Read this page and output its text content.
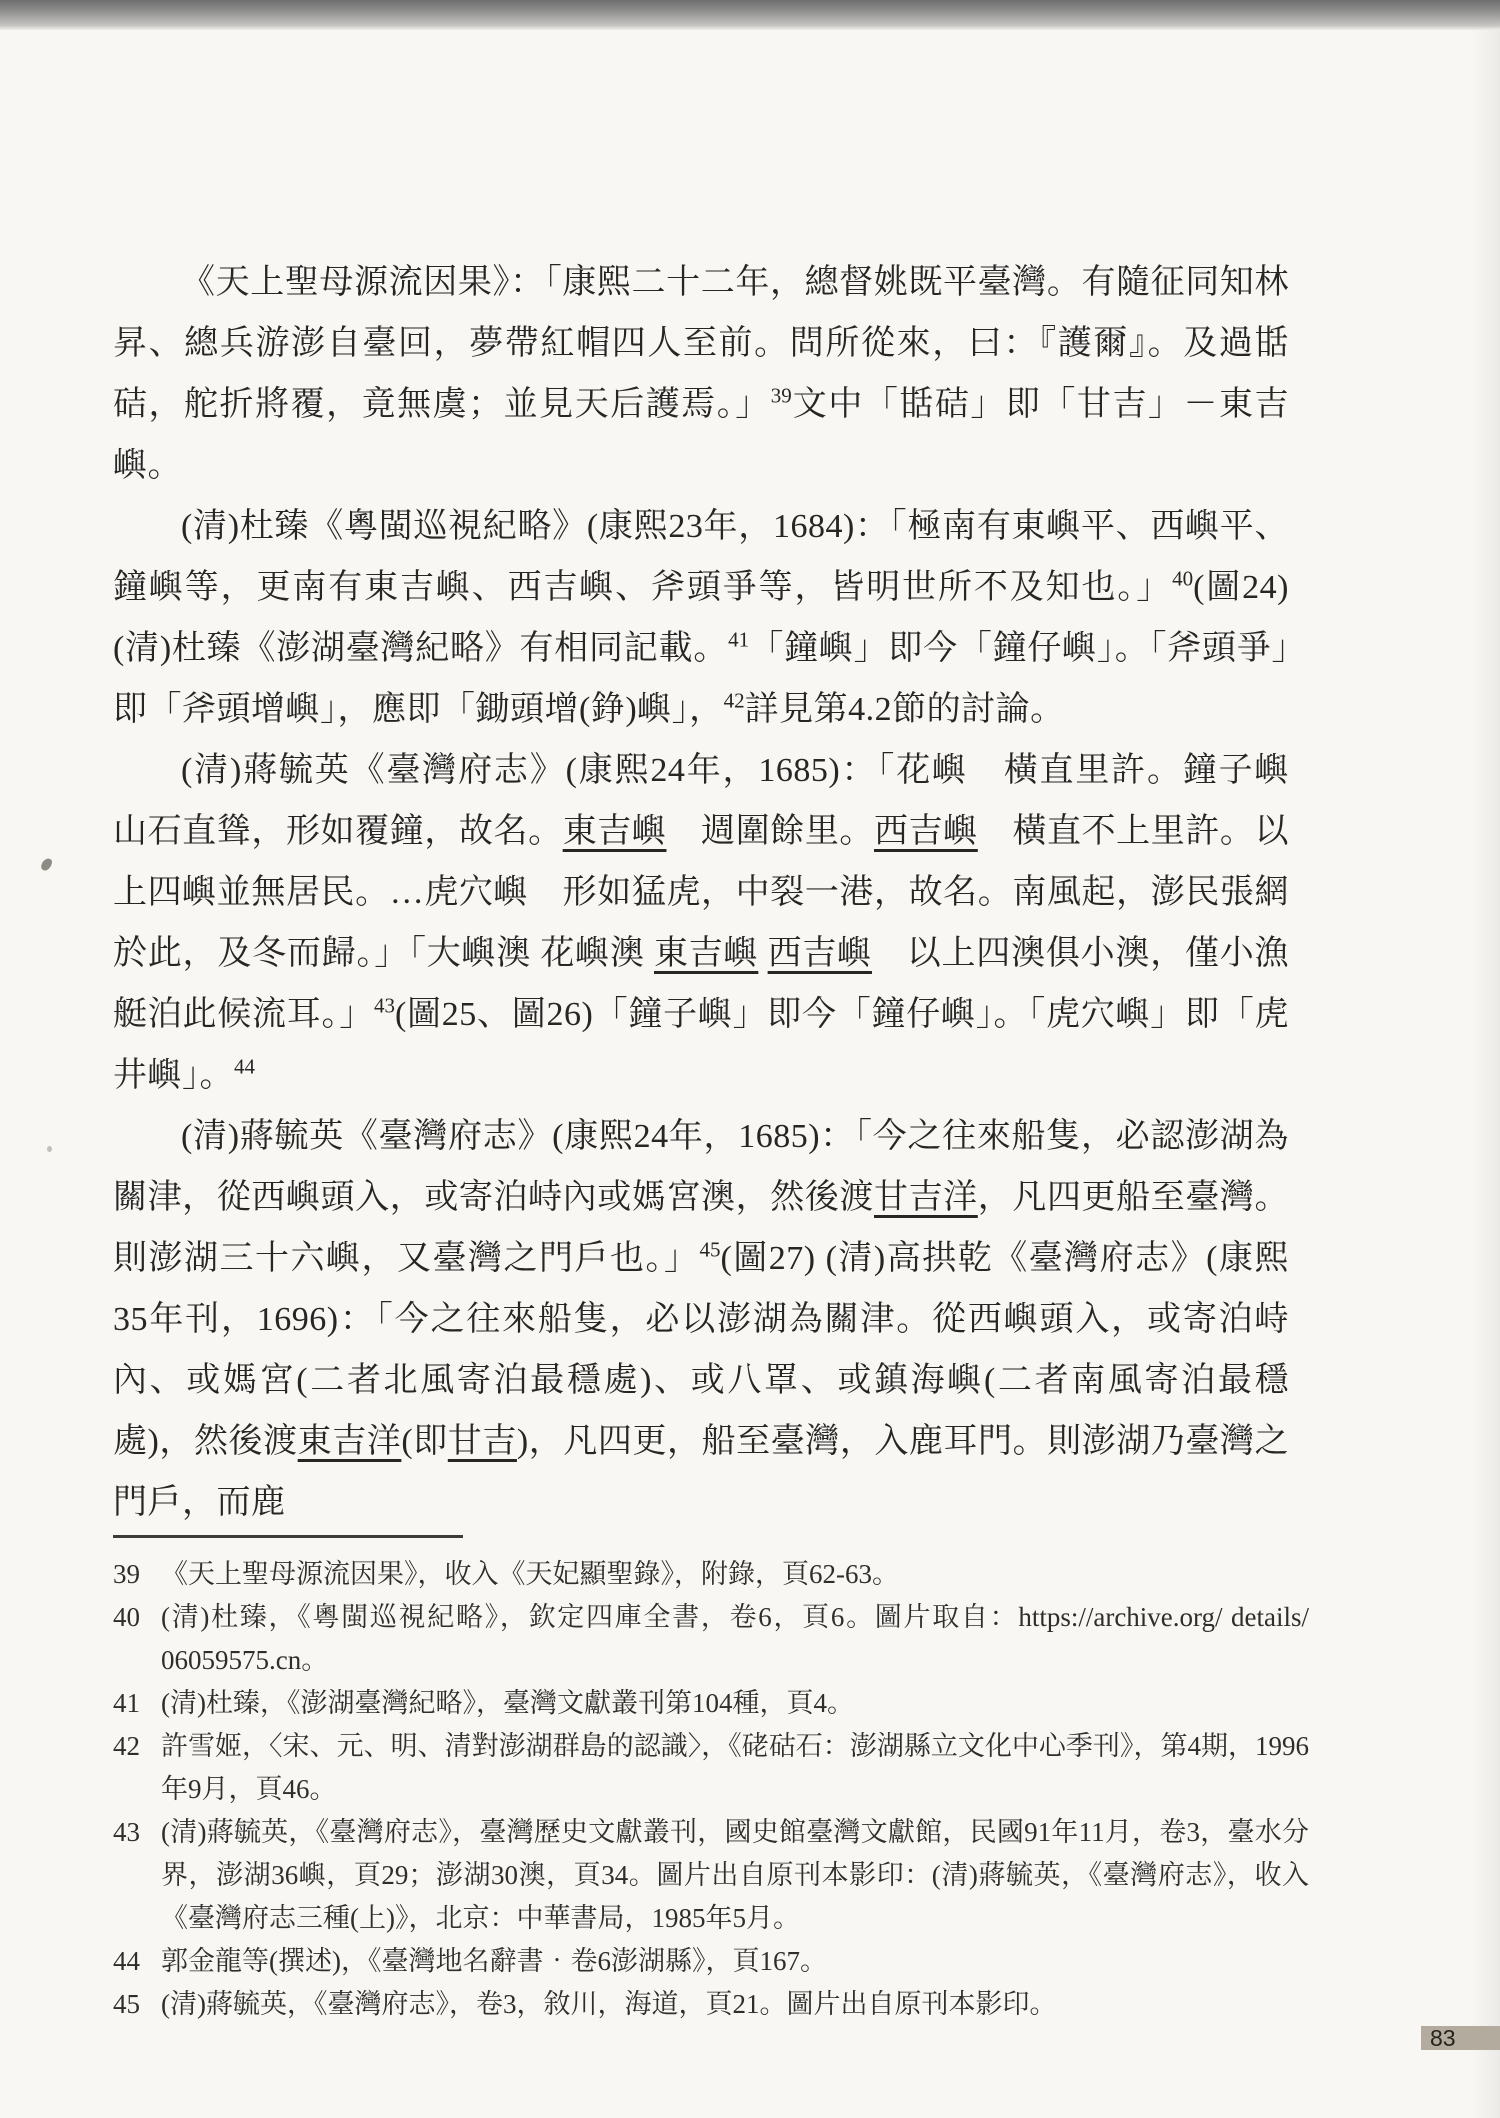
《天上聖母源流因果》：「康熙二十二年，總督姚既平臺灣。有隨征同知林昇、總兵游澎自臺回，夢帶紅帽四人至前。問所從來，曰：『護爾』。及過甛硈，舵折將覆，竟無虞；並見天后護焉。」$^{39}$文中「甛硈」即「甘吉」－東吉嶼。

(清)杜臻《粵閩巡視紀略》(康熙23年，1684)：「極南有東嶼平、西嶼平、鐘嶼等，更南有東吉嶼、西吉嶼、斧頭爭等，皆明世所不及知也。」$^{40}$(圖24) (清)杜臻《澎湖臺灣紀略》有相同記載。$^{41}$「鐘嶼」即今「鐘仔嶼」。「斧頭爭」即「斧頭增嶼」，應即「鋤頭增(錚)嶼」，$^{42}$詳見第4.2節的討論。

(清)蔣毓英《臺灣府志》(康熙24年，1685)：「花嶼　橫直里許。鐘子嶼　山石直聳，形如覆鐘，故名。東吉嶼　週圍餘里。西吉嶼　橫直不上里許。以上四嶼並無居民。…虎穴嶼　形如猛虎，中裂一港，故名。南風起，澎民張網於此，及冬而歸。」「大嶼澳 花嶼澳 東吉嶼 西吉嶼　以上四澳俱小澳，僅小漁艇泊此候流耳。」$^{43}$(圖25、圖26)「鐘子嶼」即今「鐘仔嶼」。「虎穴嶼」即「虎井嶼」。$^{44}$

(清)蔣毓英《臺灣府志》(康熙24年，1685)：「今之往來船隻，必認澎湖為關津，從西嶼頭入，或寄泊峙內或媽宮澳，然後渡甘吉洋，凡四更船至臺灣。則澎湖三十六嶼，又臺灣之門戶也。」$^{45}$(圖27) (清)高拱乾《臺灣府志》(康熙35年刊，1696)：「今之往來船隻，必以澎湖為關津。從西嶼頭入，或寄泊峙內、或媽宮(二者北風寄泊最穩處)、或八罩、或鎮海嶼(二者南風寄泊最穩處)，然後渡東吉洋(即甘吉)，凡四更，船至臺灣，入鹿耳門。則澎湖乃臺灣之門戶，而鹿

39 《天上聖母源流因果》，收入《天妃顯聖錄》，附錄，頁62-63。

40 (清)杜臻，《粵閩巡視紀略》，欽定四庫全書，卷6，頁6。圖片取自：https://archive.org/ details/ 06059575.cn。

41 (清)杜臻，《澎湖臺灣紀略》，臺灣文獻叢刊第104種，頁4。

42 許雪姬，〈宋、元、明、清對澎湖群島的認識〉，《硓𥑮石：澎湖縣立文化中心季刊》，第4期，1996年9月，頁46。

43 (清)蔣毓英，《臺灣府志》，臺灣歷史文獻叢刊，國史館臺灣文獻館，民國91年11月，卷3，臺水分界，澎湖36嶼，頁29；澎湖30澳，頁34。圖片出自原刊本影印：(清)蔣毓英，《臺灣府志》，收入《臺灣府志三種(上)》，北京：中華書局，1985年5月。

44 郭金龍等(撰述)，《臺灣地名辭書‧卷6澎湖縣》，頁167。

45 (清)蔣毓英，《臺灣府志》，卷3，敘川，海道，頁21。圖片出自原刊本影印。

83
